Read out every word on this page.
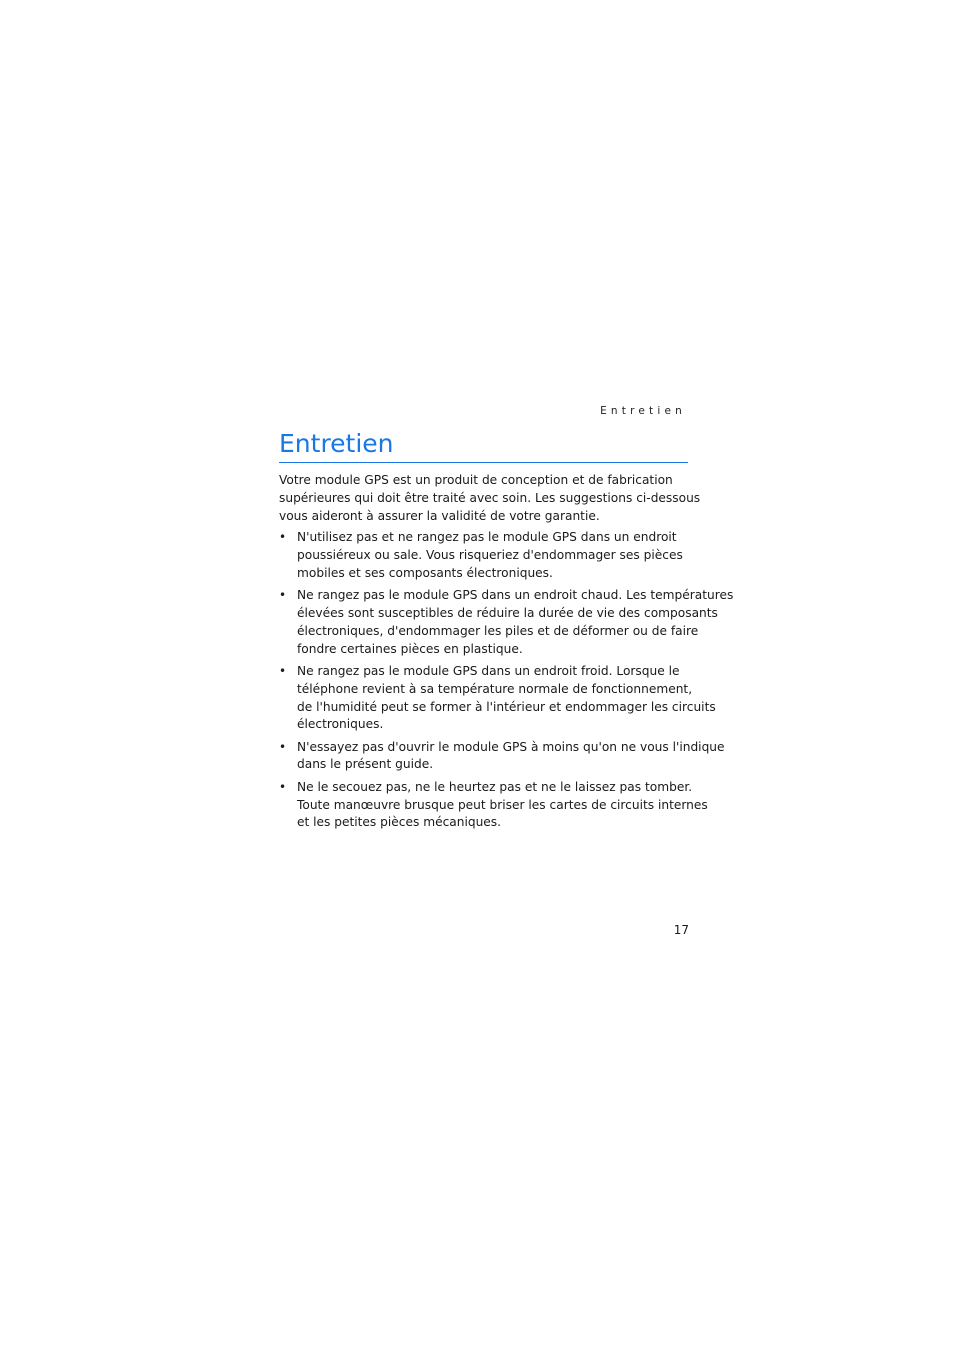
Entretien
Entretien

Votre module GPS est un produit de conception et de fabrication
supérieures qui doit être traité avec soin. Les suggestions ci-dessous
vous aideront à assurer la validité de votre garantie.

• N'utilisez pas et ne rangez pas le module GPS dans un endroit
poussiéreux ou sale. Vous risqueriez d'endommager ses pièces
mobiles et ses composants électroniques.
• Ne rangez pas le module GPS dans un endroit chaud. Les températures
élevées sont susceptibles de réduire la durée de vie des composants
électroniques, d'endommager les piles et de déformer ou de faire
fondre certaines pièces en plastique.
• Ne rangez pas le module GPS dans un endroit froid. Lorsque le
téléphone revient à sa température normale de fonctionnement,
de l'humidité peut se former à l'intérieur et endommager les circuits
électroniques.
• N'essayez pas d'ouvrir le module GPS à moins qu'on ne vous l'indique
dans le présent guide.
• Ne le secouez pas, ne le heurtez pas et ne le laissez pas tomber.
Toute manœuvre brusque peut briser les cartes de circuits internes
et les petites pièces mécaniques.
17
